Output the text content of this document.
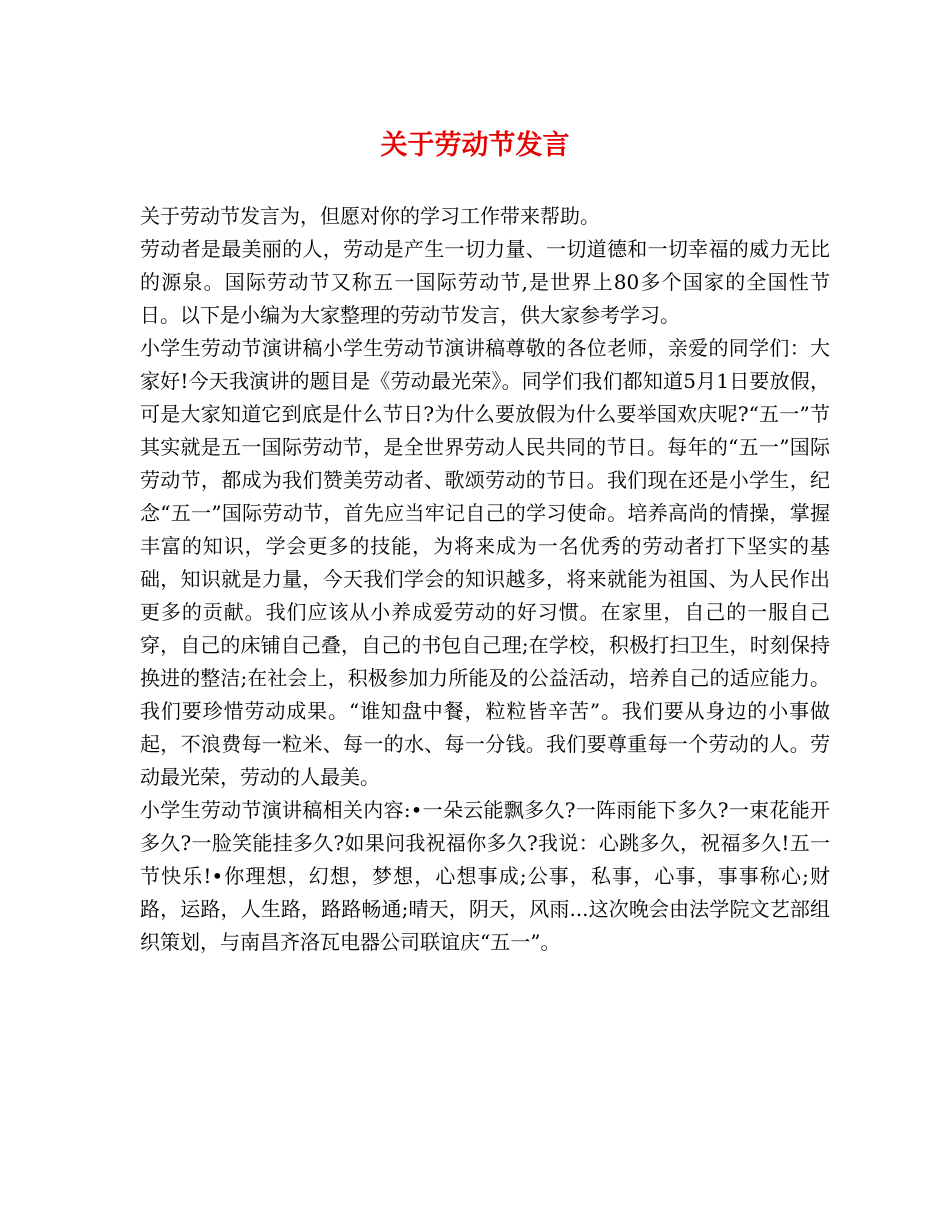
关于劳动节发言

关于劳动节发言为，但愿对你的学习工作带来帮助。

劳动者是最美丽的人，劳动是产生一切力量、一切道德和一切幸福的威力无比的源泉。国际劳动节又称五一国际劳动节,是世界上80多个国家的全国性节日。以下是小编为大家整理的劳动节发言，供大家参考学习。

小学生劳动节演讲稿小学生劳动节演讲稿尊敬的各位老师，亲爱的同学们：大家好!今天我演讲的题目是《劳动最光荣》。同学们我们都知道5月1日要放假，可是大家知道它到底是什么节日?为什么要放假为什么要举国欢庆呢?“五一”节其实就是五一国际劳动节，是全世界劳动人民共同的节日。每年的“五一”国际劳动节，都成为我们赞美劳动者、歌颂劳动的节日。我们现在还是小学生，纪念“五一”国际劳动节，首先应当牢记自己的学习使命。培养高尚的情操，掌握丰富的知识，学会更多的技能，为将来成为一名优秀的劳动者打下坚实的基础，知识就是力量，今天我们学会的知识越多，将来就能为祖国、为人民作出更多的贡献。我们应该从小养成爱劳动的好习惯。在家里，自己的一服自己穿，自己的床铺自己叠，自己的书包自己理;在学校，积极打扫卫生，时刻保持换进的整洁;在社会上，积极参加力所能及的公益活动，培养自己的适应能力。我们要珍惜劳动成果。“谁知盘中餐，粒粒皆辛苦”。我们要从身边的小事做起，不浪费每一粒米、每一的水、每一分钱。我们要尊重每一个劳动的人。劳动最光荣，劳动的人最美。

小学生劳动节演讲稿相关内容:•一朵云能飘多久?一阵雨能下多久?一束花能开多久?一脸笑能挂多久?如果问我祝福你多久?我说：心跳多久，祝福多久!五一节快乐!•你理想，幻想，梦想，心想事成;公事，私事，心事，事事称心;财路，运路，人生路，路路畅通;晴天，阴天，风雨...这次晚会由法学院文艺部组织策划，与南昌齐洛瓦电器公司联谊庆“五一”。
